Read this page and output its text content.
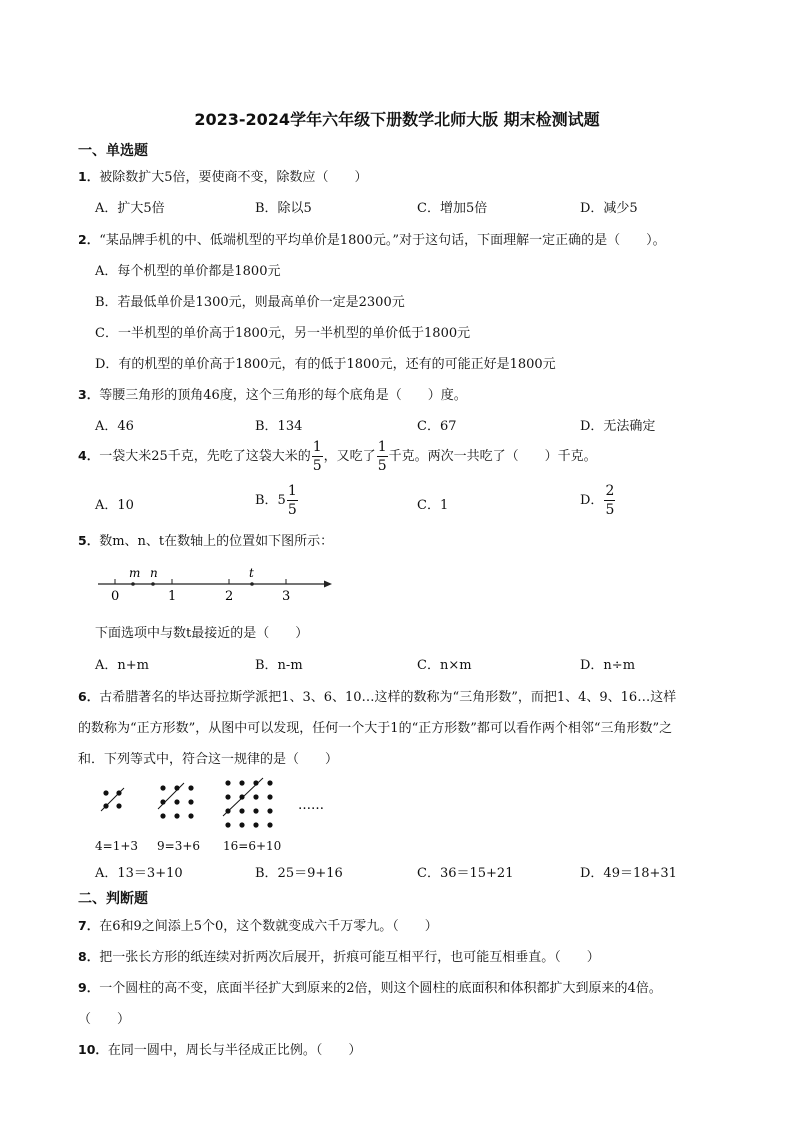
2023-2024学年六年级下册数学北师大版 期末检测试题
一、单选题
1．被除数扩大5倍，要使商不变，除数应（　　）
A．扩大5倍	B．除以5	C．增加5倍	D．减少5
2．“某品牌手机的中、低端机型的平均单价是1800元。”对于这句话，下面理解一定正确的是（　　）。
A．每个机型的单价都是1800元
B．若最低单价是1300元，则最高单价一定是2300元
C．一半机型的单价高于1800元，另一半机型的单价低于1800元
D．有的机型的单价高于1800元，有的低于1800元，还有的可能正好是1800元
3．等腰三角形的顶角46度，这个三角形的每个底角是（　　）度。
A．46	B．134	C．67	D．无法确定
4．一袋大米25千克，先吃了这袋大米的 $\frac{1}{5}$ ，又吃了 $\frac{1}{5}$ 千克。两次一共吃了（　　）千克。
A．10	B．$5 \frac{1}{5}$	C．1	D． $\frac{2}{5}$
5．数m、n、t在数轴上的位置如下图所示：
m n	t
0	1	2	3
下面选项中与数t最接近的是（　　）
A．n+m	B．n-m	C．n×m	D．n÷m
6．古希腊著名的毕达哥拉斯学派把1、3、6、10…这样的数称为“三角形数”，而把1、4、9、16…这样
的数称为“正方形数”，从图中可以发现，任何一个大于1的“正方形数”都可以看作两个相邻“三角形数”之
和．下列等式中，符合这一规律的是（　　）
……
4=1+3 9=3+6 16=6+10
A．13＝3+10	B．25＝9+16	C．36＝15+21	D．49＝18+31
二、判断题
7．在6和9之间添上5个0，这个数就变成六千万零九。（　　）
8．把一张长方形的纸连续对折两次后展开，折痕可能互相平行，也可能互相垂直。（　　）
9．一个圆柱的高不变，底面半径扩大到原来的2倍，则这个圆柱的底面积和体积都扩大到原来的4倍。
（　　）
10．在同一圆中，周长与半径成正比例。（　　）
